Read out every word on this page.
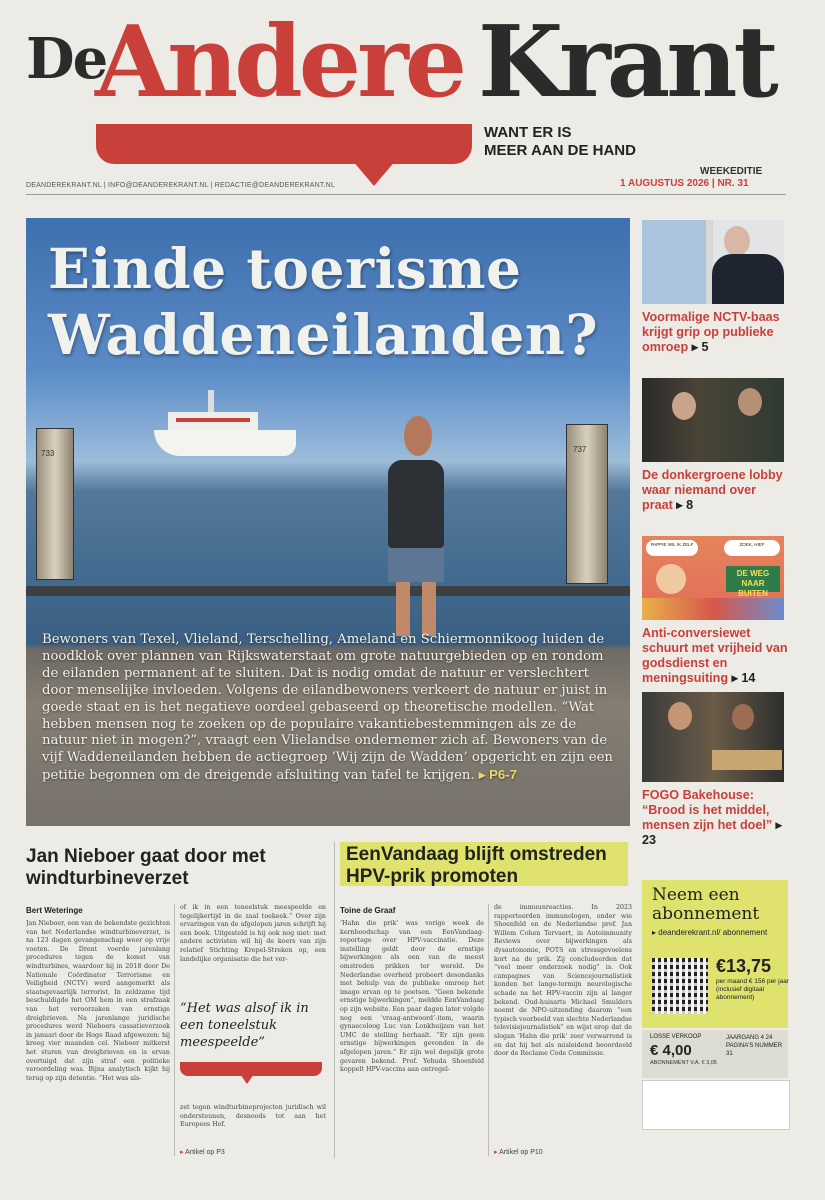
De
Andere Krant
WANT ER IS
MEER AAN DE HAND
WEEKEDITIE
1 AUGUSTUS 2026 | NR. 31
DEANDEREKRANT.NL | INFO@DEANDEREKRANT.NL | REDACTIE@DEANDEREKRANT.NL
Einde toerisme
Waddeneilanden?
733	737
Bewoners van Texel, Vlieland, Terschelling, Ameland en Schiermonnikoog luiden de noodklok over plannen van Rijkswaterstaat om grote natuurgebieden op en rondom de eilanden permanent af te sluiten. Dat is nodig omdat de natuur er verslechtert door menselijke invloeden. Volgens de eilandbewoners verkeert de natuur er juist in goede staat en is het negatieve oordeel gebaseerd op theoretische modellen. “Wat hebben mensen nog te zoeken op de populaire vakantiebestemmingen als ze de natuur niet in mogen?”, vraagt een Vlielandse ondernemer zich af. Bewoners van de vijf Waddeneilanden hebben de actiegroep ‘Wij zijn de Wadden’ opgericht en zijn een petitie begonnen om de dreigende afsluiting van tafel te krijgen. ▸ P6-7
Voormalige NCTV-baas krijgt grip op publieke omroep ▸ 5
De donkergroene lobby waar niemand over praat ▸ 8
PAPPIE WIL IK ZELF	ZOEK, HIEF
DE WEG NAAR BUITEN
Anti-conversiewet schuurt met vrijheid van godsdienst en meningsuiting ▸ 14
FOGO Bakehouse: “Brood is het middel, mensen zijn het doel” ▸ 23
Jan Nieboer gaat door met windturbineverzet
Bert Weteringe
Jan Nieboer, een van de bekendste gezichten van het Nederlandse windturbineverzet, is na 123 dagen gevangenschap weer op vrije voeten. De Drent voerde jarenlang procedures tegen de komst van windturbines, waardoor hij in 2018 door De Nationale Coördinator Terrorisme en Veiligheid (NCTV) werd aangemerkt als staatsgevaarlijk terrorist. In zeldzame tijd beschuldigde het OM hem in een strafzaak van het veroorzaken van ernstige dreigbrieven. Na jarenlange juridische procedures werd Nieboers cassatieverzoek in januari door de Hoge Raad afgewezen: hij kreeg vier maanden cel. Nieboer mitkerst het sturen van dreigbrieven en is ervan overtuigd dat zijn straf een politieke veroordeling was. Bijna analytisch kijkt hij terug op zijn detentie. “Het was als-
of ik in een toneelstuk meespeelde en tegelijkertijd in de zaal toekeek.” Over zijn ervaringen van de afgelopen jaren schrijft hij een boek. Uitgesteld is hij ook nog niet: met andere activisten wil hij de koers van zijn relatief Stichting Krepel-Streken op, een landelijke organisatie die het ver-
“Het was alsof ik in een toneelstuk meespeelde”
zet tegen windturbineprojecten juridisch wil ondersteunen, desnoods tot aan het Europees Hof.
▸ Artikel op P3
EenVandaag blijft omstreden HPV-prik promoten
Toine de Graaf
‘Hahn die prik’ was vorige week de kernboodschap van een EenVandaag-reportage over HPV-vaccinatie. Deze instelling geldt door de ernstige bijwerkingen als een van de meest omstreden prikken ter wereld. De Nederlandse overheid probeert desondanks met behulp van de publieke omroep het imago ervan op te poetsen. “Geen bekende ernstige bijwerkingen”, meldde EenVandaag op zijn website. Een paar dagen later volgde nog een ‘vraag-antwoord’-item, waarin gynaecoloog Luc van Lonkhuijzen van het UMC de stelling herhaalt. “Er zijn geen ernstige bijwerkingen gevonden in de afgelopen jaren.” Er zijn wel degelijk grote gevaren bekend. Prof. Yehuda Shoenfeld koppelt HPV-vaccins aan ontregel-
de immuunreacties. In 2023 rapporteerden immunologen, onder wie Shoenfeld en de Nederlandse prof. Jan Willem Cohen Tervaert, in Autoimmunity Reviews over bijwerkingen als dysautonomie, POTS en stressgevoelens kort na de prik. Zij concludeerden dat “veel meer onderzoek nodig” is. Ook campagnes van Sciencejournalistiek konden het lange-termijn neurologische schade na het HPV-vaccin zijn al langer bekend. Oud-huisarts Michael Smulders noemt de NPO-uitzending daarom “een typisch voorbeeld van slechte Nederlandse televisiejournalistiek” en wijst erop dat de slogan ‘Hahn die prik’ zeer verwarrend is en dat hij het als misleidend beoordeeld door de Reclame Code Commissie.
▸ Artikel op P10
Neem een
abonnement
▸ deanderekrant.nl/ abonnement
€13,75
per maand € 156 per jaar (inclusief digitaal abonnement)
LOSSE VERKOOP
€ 4,00
ABONNEMENT V.A. € 3,05
JAARGANG 4 24 PAGINA'S NUMMER 31
